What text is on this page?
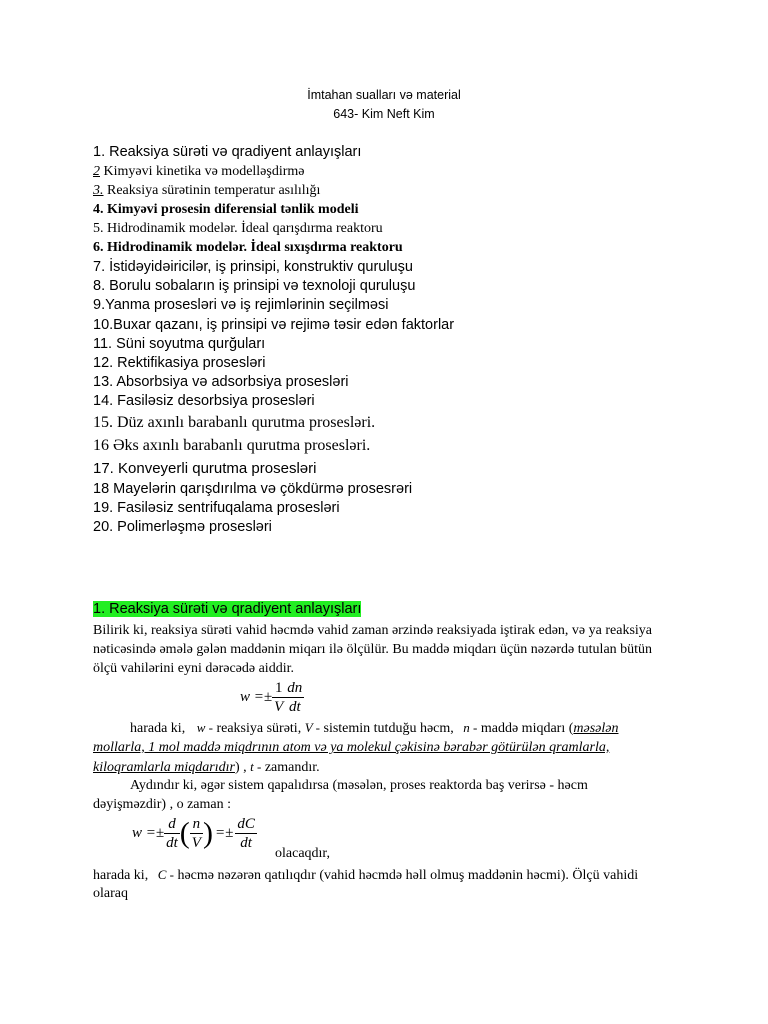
İmtahan sualları və material
643- Kim Neft Kim
1. Reaksiya sürəti və qradiyent anlayışları
2 Kimyəvi kinetika və modelləşdirmə
3. Reaksiya sürətinin temperatur asılılığı
4. Kimyəvi prosesin diferensial tənlik modeli
5. Hidrodinamik modelər. İdeal qarışdırma reaktoru
6. Hidrodinamik modelər. İdeal sıxışdırma reaktoru
7. İstidəyidəiricilər, iş prinsipi, konstruktiv quruluşu
8. Borulu sobaların iş prinsipi və texnoloji quruluşu
9.Yanma prosesləri və iş rejimlərinin seçilməsi
10.Buxar qazanı, iş prinsipi və rejimə təsir edən faktorlar
11. Süni soyutma qurğuları
12. Rektifikasiya prosesləri
13. Absorbsiya və adsorbsiya prosesləri
14. Fasiləsiz desorbsiya prosesləri
15. Düz axınlı barabanlı qurutma prosesləri.
16 Əks axınlı barabanlı qurutma prosesləri.
17. Konveyerli qurutma prosesləri
18 Mayelərin qarışdırılma və çökdürmə prosesrəri
19. Fasiləsiz sentrifuqalama prosesləri
20. Polimerləşmə prosesləri
1. Reaksiya sürəti və qradiyent anlayışları
Bilirik ki, reaksiya sürəti vahid həcmdə vahid zaman ərzində reaksiyada iştirak edən, və ya reaksiya
nəticəsində əmələ gələn maddənin miqarı ilə ölçülür. Bu maddə miqdarı üçün nəzərdə tutulan bütün
ölçü vahilərini eyni dərəcədə aiddir.
$w =\pm \frac{1}{V} \frac{dn}{dt}$
harada ki, w - reaksiya sürəti, V - sistemin tutduğu həcm, n - maddə miqdarı (məsələn
mollarla, 1 mol maddə miqdrının atom və ya molekul çəkisinə bərabər götürülən qramlarla,
kiloqramlarla miqdarıdır) , t - zamandır.
Aydındır ki, əgər sistem qapalıdırsa (məsələn, proses reaktorda baş verirsə - həcm
dəyişməzdir) , o zaman :
$w =\pm \frac{d}{dt}$ ( $\frac{n}{V}$ ) =± $\frac{dC}{dt}$
olacaqdır,
harada ki, C - həcmə nəzərən qatılıqdır (vahid həcmdə həll olmuş maddənin həcmi). Ölçü vahidi
olaraq
